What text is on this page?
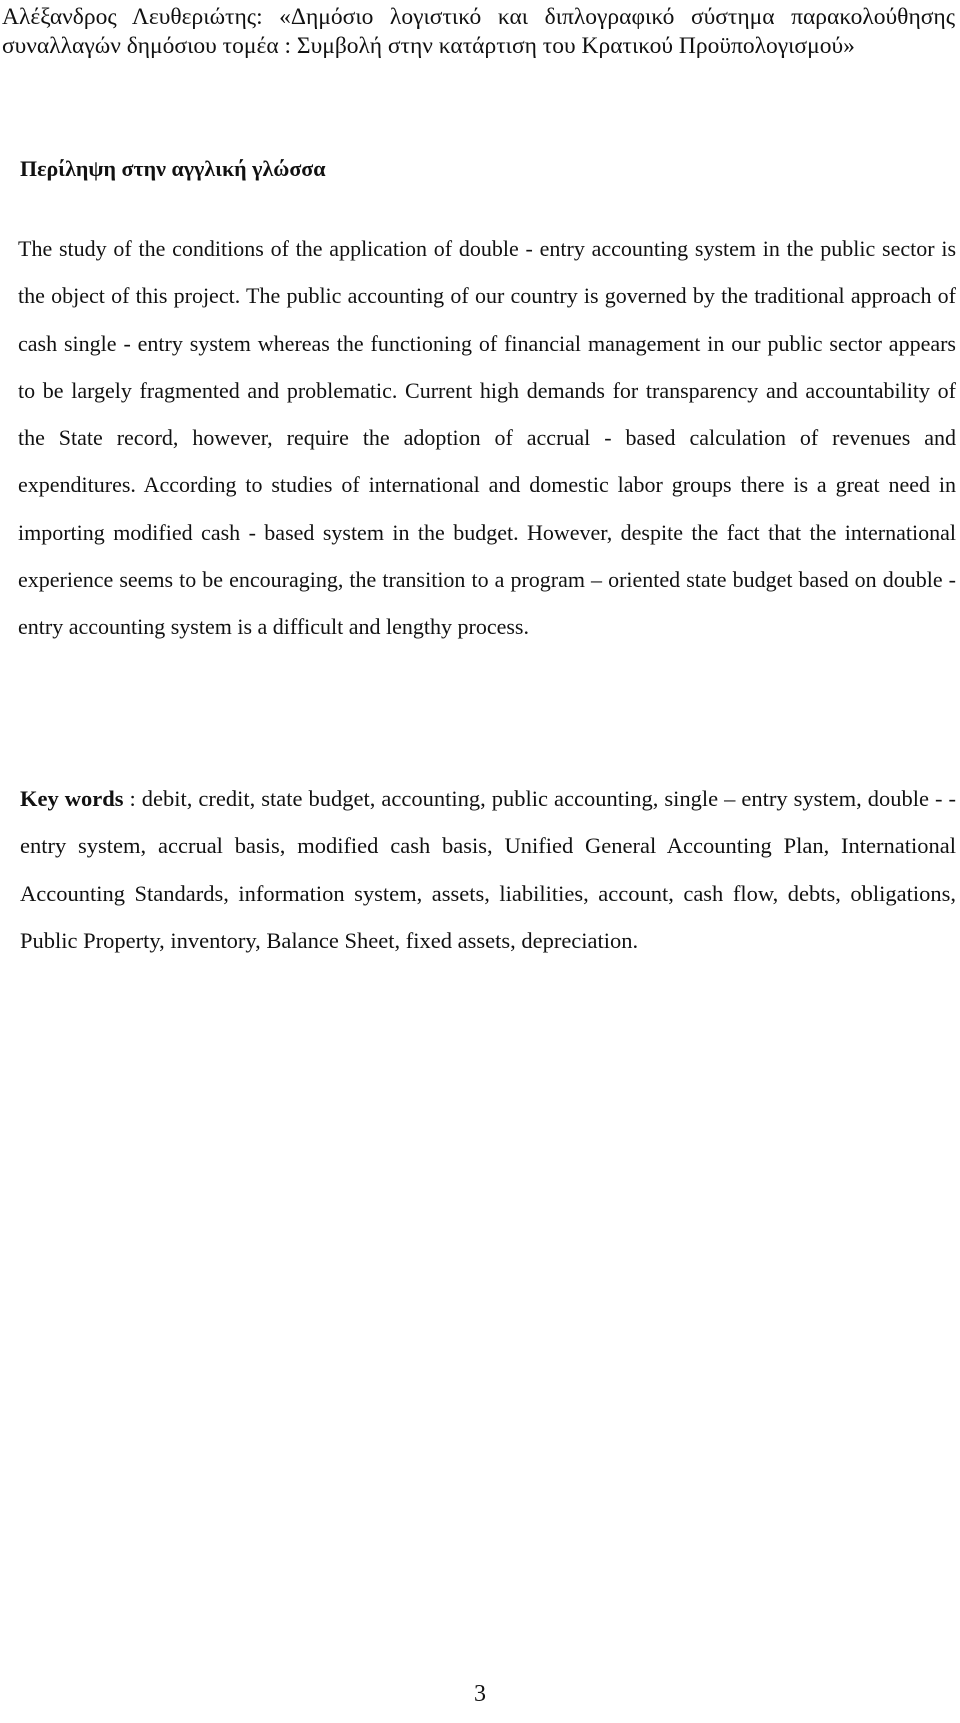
Αλέξανδρος Λευθεριώτης: «Δημόσιο λογιστικό και διπλογραφικό σύστημα παρακολούθησης συναλλαγών δημόσιου τομέα : Συμβολή στην κατάρτιση του Κρατικού Προϋπολογισμού»
Περίληψη στην αγγλική γλώσσα

The study of the conditions of the application of double - entry accounting system in the public sector is the object of this project. The public accounting of our country is governed by the traditional approach of cash single - entry system whereas the functioning of financial management in our public sector appears to be largely fragmented and problematic. Current high demands for transparency and accountability of the State record, however, require the adoption of accrual - based calculation of revenues and expenditures. According to studies of international and domestic labor groups there is a great need in importing modified cash - based system in the budget. However, despite the fact that the international experience seems to be encouraging, the transition to a program – oriented state budget based on double - entry accounting system is a difficult and lengthy process.

Key words : debit, credit, state budget, accounting, public accounting, single – entry system, double - -entry system, accrual basis, modified cash basis, Unified General Accounting Plan, International Accounting Standards, information system, assets, liabilities, account, cash flow, debts, obligations, Public Property, inventory, Balance Sheet, fixed assets, depreciation.

3
